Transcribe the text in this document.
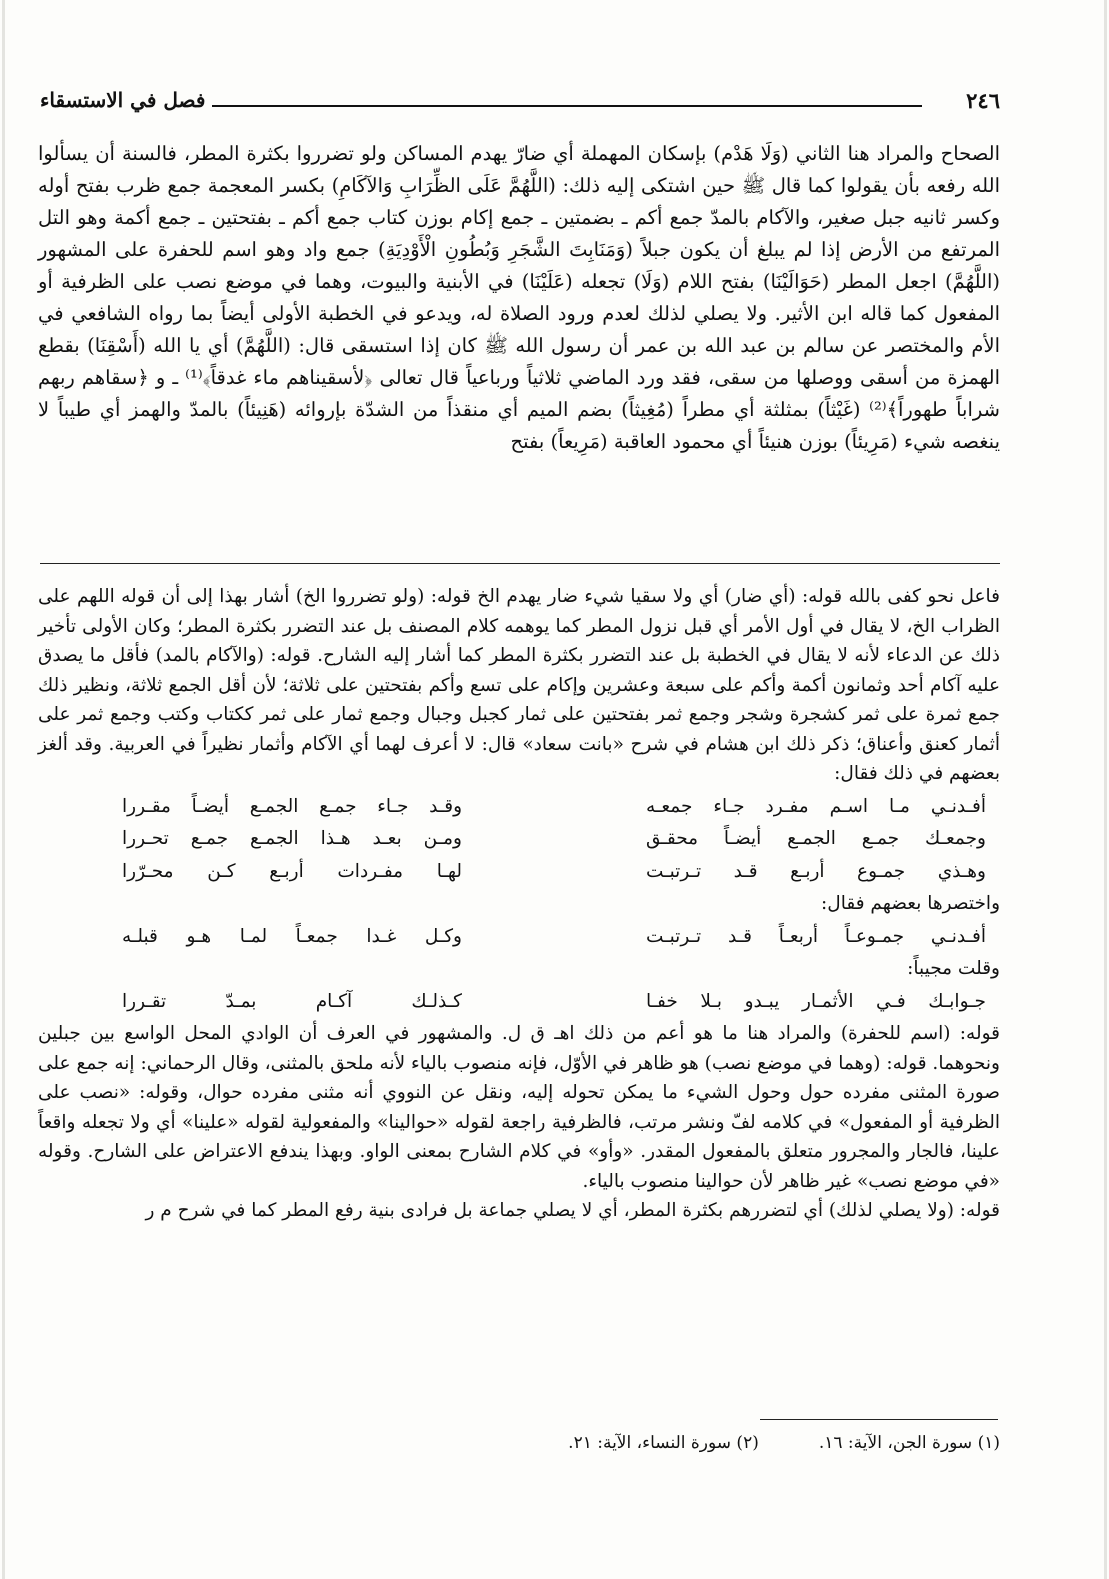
٢٤٦
فصل في الاستسقاء

الصحاح والمراد هنا الثاني (وَلَا هَدْم) بإسكان المهملة أي ضارّ يهدم المساكن ولو تضرروا بكثرة المطر، فالسنة أن يسألوا الله رفعه بأن يقولوا كما قال ﷺ حين اشتكى إليه ذلك: (اللَّهُمَّ عَلَى الظِّرَابِ وَالآكَامِ) بكسر المعجمة جمع ظرب بفتح أوله وكسر ثانيه جبل صغير، والآكام بالمدّ جمع أكم ـ بضمتين ـ جمع إكام بوزن كتاب جمع أكم ـ بفتحتين ـ جمع أكمة وهو التل المرتفع من الأرض إذا لم يبلغ أن يكون جبلاً (وَمَنَابِتَ الشَّجَرِ وَبُطُونِ الْأَوْدِيَةِ) جمع واد وهو اسم للحفرة على المشهور (اللَّهُمَّ) اجعل المطر (حَوَالَيْنَا) بفتح اللام (وَلَا) تجعله (عَلَيْنَا) في الأبنية والبيوت، وهما في موضع نصب على الظرفية أو المفعول كما قاله ابن الأثير. ولا يصلي لذلك لعدم ورود الصلاة له، ويدعو في الخطبة الأولى أيضاً بما رواه الشافعي في الأم والمختصر عن سالم بن عبد الله بن عمر أن رسول الله ﷺ كان إذا استسقى قال: (اللَّهُمَّ) أي يا الله (أَسْقِنَا) بقطع الهمزة من أسقى ووصلها من سقى، فقد ورد الماضي ثلاثياً ورباعياً قال تعالى ﴿لأسقيناهم ماء غدقاً﴾⁽¹⁾ ـ و ﴿سقاهم ربهم شراباً طهوراً﴾⁽²⁾ (غَيْثاً) بمثلثة أي مطراً (مُغِيثاً) بضم الميم أي منقذاً من الشدّة بإروائه (هَنِيئاً) بالمدّ والهمز أي طيباً لا ينغصه شيء (مَرِيئاً) بوزن هنيئاً أي محمود العاقبة (مَرِيعاً) بفتح

فاعل نحو كفى بالله قوله: (أي ضار) أي ولا سقيا شيء ضار يهدم الخ قوله: (ولو تضرروا الخ) أشار بهذا إلى أن قوله اللهم على الظراب الخ، لا يقال في أول الأمر أي قبل نزول المطر كما يوهمه كلام المصنف بل عند التضرر بكثرة المطر؛ وكان الأولى تأخير ذلك عن الدعاء لأنه لا يقال في الخطبة بل عند التضرر بكثرة المطر كما أشار إليه الشارح. قوله: (والآكام بالمد) فأقل ما يصدق عليه آكام أحد وثمانون أكمة وأكم على سبعة وعشرين وإكام على تسع وأكم بفتحتين على ثلاثة؛ لأن أقل الجمع ثلاثة، ونظير ذلك جمع ثمرة على ثمر كشجرة وشجر وجمع ثمر بفتحتين على ثمار كجبل وجبال وجمع ثمار على ثمر ككتاب وكتب وجمع ثمر على أثمار كعنق وأعناق؛ ذكر ذلك ابن هشام في شرح «بانت سعاد» قال: لا أعرف لهما أي الآكام وأثمار نظيراً في العربية. وقد ألغز بعضهم في ذلك فقال:

أفـدنـي مـا اسـم مفـرد جـاء جمعـه
وقـد جـاء جمـع الجمـع أيضـاً مقـررا
وجمعـك جمـع الجمـع أيضـاً محقـق
ومـن بعـد هـذا الجمـع جمـع تحـررا
وهـذي جمـوع أربـع قـد تـرتبـت
لهـا مفـردات أربـع كـن محـرّرا

واختصرها بعضهم فقال:

أفـدنـي جمـوعـاً أربعـاً قـد تـرتبـت
وكـل غـدا جمعـاً لمـا هـو قبلـه

وقلت مجيباً:

جـوابـك فـي الأثمـار يبـدو بـلا خفـا
كـذلـك آكـام بمـدّ تقـررا

قوله: (اسم للحفرة) والمراد هنا ما هو أعم من ذلك اهـ ق ل. والمشهور في العرف أن الوادي المحل الواسع بين جبلين ونحوهما. قوله: (وهما في موضع نصب) هو ظاهر في الأوّل، فإنه منصوب بالياء لأنه ملحق بالمثنى، وقال الرحماني: إنه جمع على صورة المثنى مفرده حول وحول الشيء ما يمكن تحوله إليه، ونقل عن النووي أنه مثنى مفرده حوال، وقوله: «نصب على الظرفية أو المفعول» في كلامه لفّ ونشر مرتب، فالظرفية راجعة لقوله «حوالينا» والمفعولية لقوله «علينا» أي ولا تجعله واقعاً علينا، فالجار والمجرور متعلق بالمفعول المقدر. «وأو» في كلام الشارح بمعنى الواو. وبهذا يندفع الاعتراض على الشارح. وقوله «في موضع نصب» غير ظاهر لأن حوالينا منصوب بالياء.

قوله: (ولا يصلي لذلك) أي لتضررهم بكثرة المطر، أي لا يصلي جماعة بل فرادى بنية رفع المطر كما في شرح م ر

(١) سورة الجن، الآية: ١٦.
(٢) سورة النساء، الآية: ٢١.
